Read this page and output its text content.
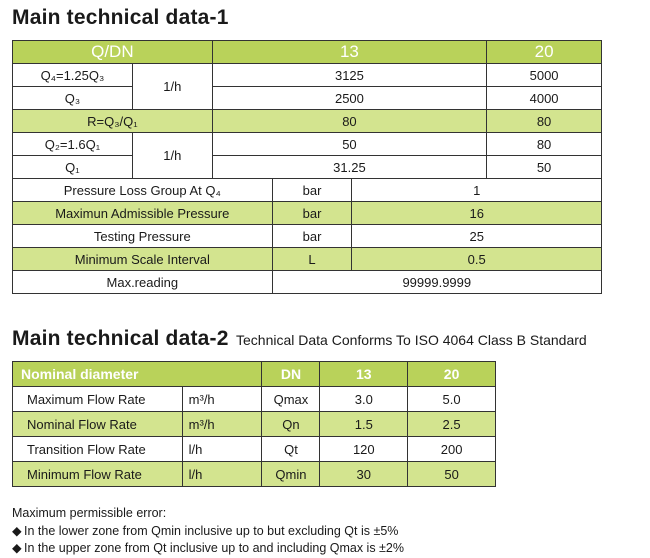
Main technical data-1
Q/DN		13			20
Q₄=1.25Q₃	1/h	3125			5000
Q₃		2500			4000
R=Q₃/Q₁		80			80
Q₂=1.6Q₁	1/h	50			80
Q₁		31.25			50
Pressure Loss Group At Q₄			bar	1	
Maximun Admissible Pressure			bar	16	
Testing Pressure			bar	25	
Minimum Scale Interval			L	0.5	
Max.reading			99999.9999		
Main technical data-2 Technical Data Conforms To ISO 4064 Class B Standard
Nominal diameter		DN	13	20
Maximum Flow Rate	m³/h	Qmax	3.0	5.0
Nominal Flow Rate	m³/h	Qn	1.5	2.5
Transition Flow Rate	l/h	Qt	120	200
Minimum Flow Rate	l/h	Qmin	30	50
Maximum permissible error:
◆ In the lower zone from Qmin inclusive up to but excluding Qt is ±5%
◆ In the upper zone from Qt inclusive up to and including Qmax is ±2%
